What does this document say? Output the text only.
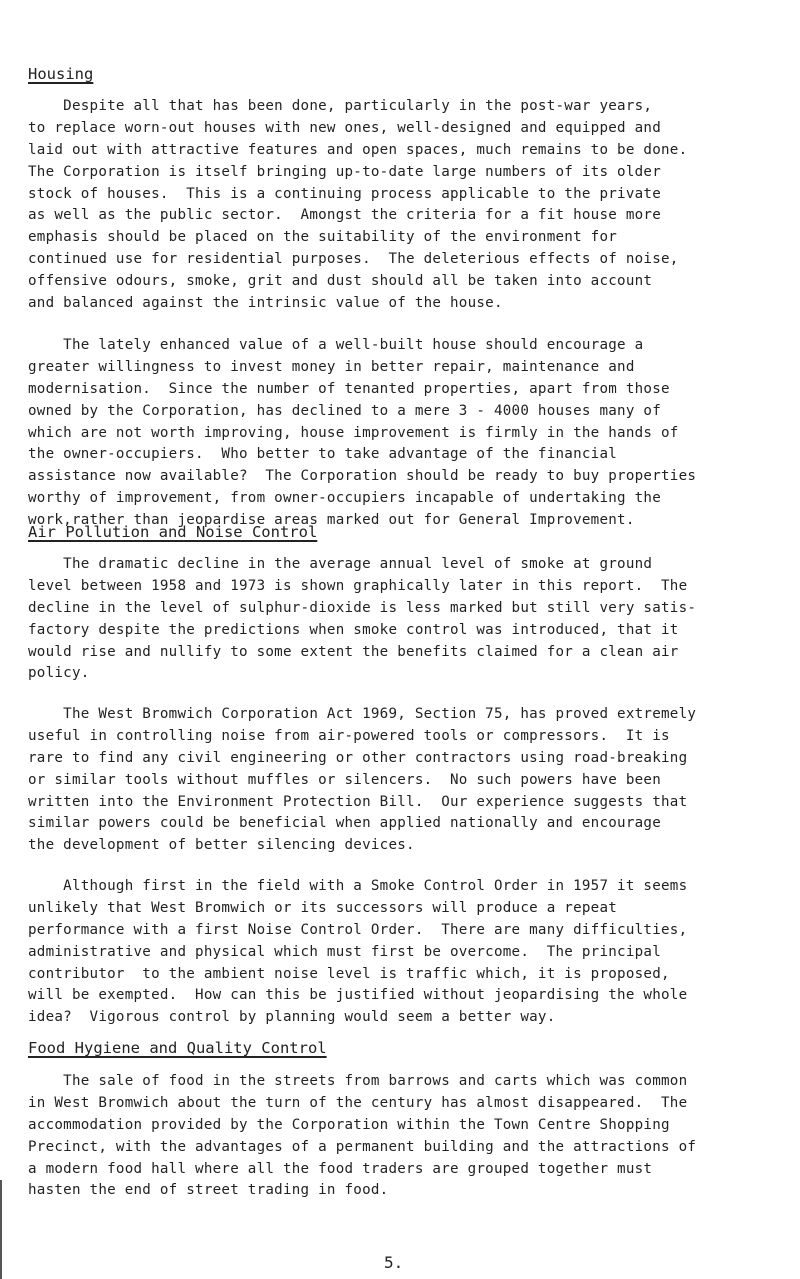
Housing
Despite all that has been done, particularly in the post-war years,
to replace worn-out houses with new ones, well-designed and equipped and
laid out with attractive features and open spaces, much remains to be done.
The Corporation is itself bringing up-to-date large numbers of its older
stock of houses.  This is a continuing process applicable to the private
as well as the public sector.  Amongst the criteria for a fit house more
emphasis should be placed on the suitability of the environment for
continued use for residential purposes.  The deleterious effects of noise,
offensive odours, smoke, grit and dust should all be taken into account
and balanced against the intrinsic value of the house.
The lately enhanced value of a well-built house should encourage a
greater willingness to invest money in better repair, maintenance and
modernisation.  Since the number of tenanted properties, apart from those
owned by the Corporation, has declined to a mere 3 - 4000 houses many of
which are not worth improving, house improvement is firmly in the hands of
the owner-occupiers.  Who better to take advantage of the financial
assistance now available?  The Corporation should be ready to buy properties
worthy of improvement, from owner-occupiers incapable of undertaking the
work,rather than jeopardise areas marked out for General Improvement.
Air Pollution and Noise Control
The dramatic decline in the average annual level of smoke at ground
level between 1958 and 1973 is shown graphically later in this report.  The
decline in the level of sulphur-dioxide is less marked but still very satis-
factory despite the predictions when smoke control was introduced, that it
would rise and nullify to some extent the benefits claimed for a clean air
policy.
The West Bromwich Corporation Act 1969, Section 75, has proved extremely
useful in controlling noise from air-powered tools or compressors.  It is
rare to find any civil engineering or other contractors using road-breaking
or similar tools without muffles or silencers.  No such powers have been
written into the Environment Protection Bill.  Our experience suggests that
similar powers could be beneficial when applied nationally and encourage
the development of better silencing devices.
Although first in the field with a Smoke Control Order in 1957 it seems
unlikely that West Bromwich or its successors will produce a repeat
performance with a first Noise Control Order.  There are many difficulties,
administrative and physical which must first be overcome.  The principal
contributor  to the ambient noise level is traffic which, it is proposed,
will be exempted.  How can this be justified without jeopardising the whole
idea?  Vigorous control by planning would seem a better way.
Food Hygiene and Quality Control
The sale of food in the streets from barrows and carts which was common
in West Bromwich about the turn of the century has almost disappeared.  The
accommodation provided by the Corporation within the Town Centre Shopping
Precinct, with the advantages of a permanent building and the attractions of
a modern food hall where all the food traders are grouped together must
hasten the end of street trading in food.
5.
